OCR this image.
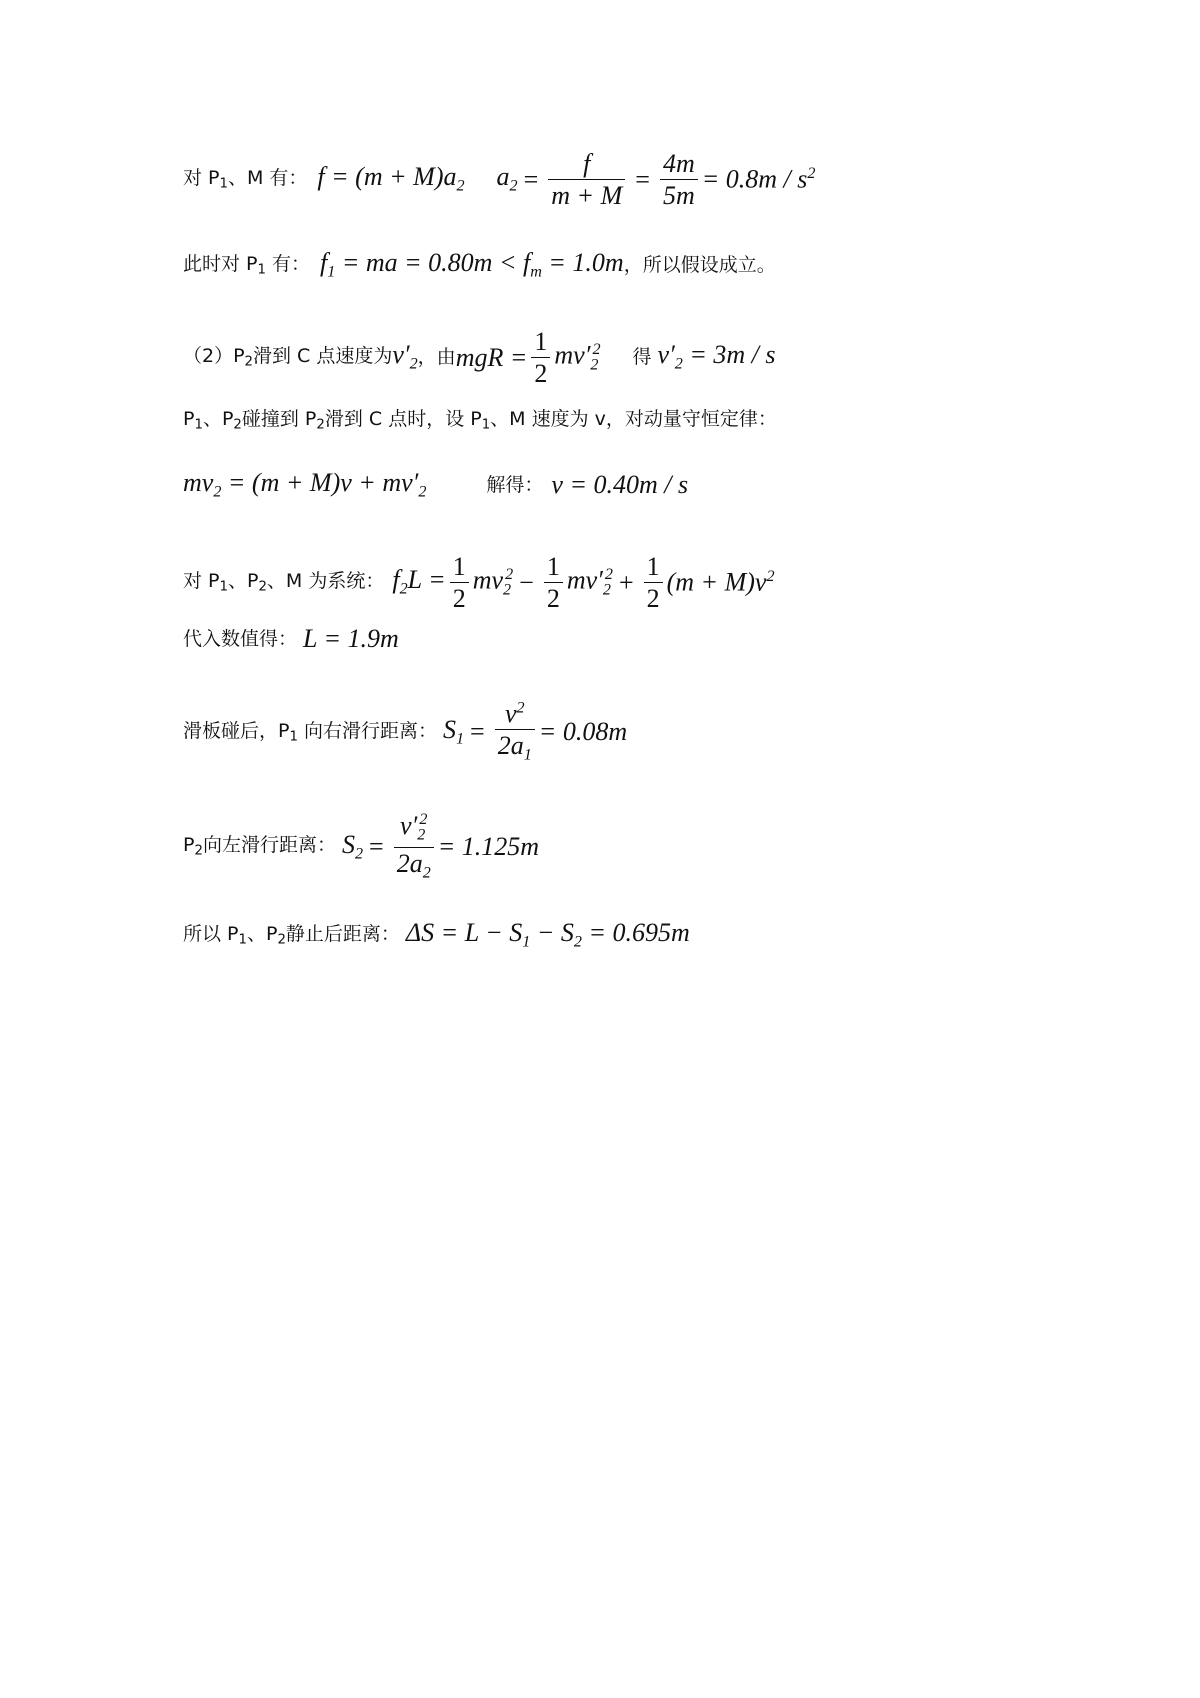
对 P1、M 有： $f = (m + M)a_2$ $a_2 = \frac{f}{m + M} = \frac{4m}{5m} = 0.8m / s^2$
此时对 P1 有： $f_1$ = ma = $0.80m < f_m = 1.0m$ ，所以假设成立。
（2）P2滑到 C 点速度为 $v'_2$ ，由 mgR = $\frac{1}{2} mv'_2^2$ 得 $v'_2 = 3m / s$
P1、P2碰撞到 P2滑到 C 点时，设 P1、M 速度为 v，对动量守恒定律：
$mv_2 = (m + M)v + mv'_2$	解得： v = 0.40m / s
对 P1、P2、M 为系统： $f_2L = \frac{1}{2} mv_2^2 - \frac{1}{2} mv'_2^2 + \frac{1}{2} (m + M)v^2$
代入数值得： L = 1.9m
滑板碰后，P1 向右滑行距离： $S_1 = \frac{v^2}{2a_1} = 0.08m$
P2向左滑行距离： $S_2 = \frac{v'_2^2}{2a_2} = 1.125m$
所以 P1、P2静止后距离： $\Delta S = L - S_1 - S_2 = 0.695m$
